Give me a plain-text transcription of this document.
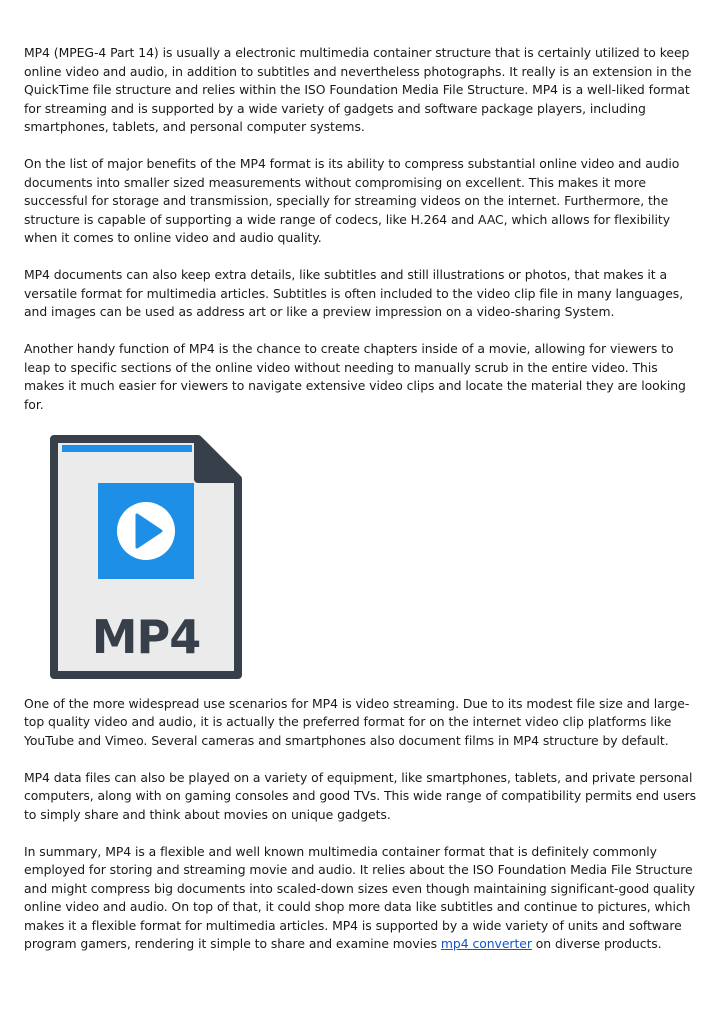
MP4 (MPEG-4 Part 14) is usually a electronic multimedia container structure that is certainly utilized to keep online video and audio, in addition to subtitles and nevertheless photographs. It really is an extension in the QuickTime file structure and relies within the ISO Foundation Media File Structure. MP4 is a well-liked format for streaming and is supported by a wide variety of gadgets and software package players, including smartphones, tablets, and personal computer systems.

On the list of major benefits of the MP4 format is its ability to compress substantial online video and audio documents into smaller sized measurements without compromising on excellent. This makes it more successful for storage and transmission, specially for streaming videos on the internet. Furthermore, the structure is capable of supporting a wide range of codecs, like H.264 and AAC, which allows for flexibility when it comes to online video and audio quality.

MP4 documents can also keep extra details, like subtitles and still illustrations or photos, that makes it a versatile format for multimedia articles. Subtitles is often included to the video clip file in many languages, and images can be used as address art or like a preview impression on a video-sharing System.

Another handy function of MP4 is the chance to create chapters inside of a movie, allowing for viewers to leap to specific sections of the online video without needing to manually scrub in the entire video. This makes it much easier for viewers to navigate extensive video clips and locate the material they are looking for.

MP4

One of the more widespread use scenarios for MP4 is video streaming. Due to its modest file size and large-top quality video and audio, it is actually the preferred format for on the internet video clip platforms like YouTube and Vimeo. Several cameras and smartphones also document films in MP4 structure by default.

MP4 data files can also be played on a variety of equipment, like smartphones, tablets, and private personal computers, along with on gaming consoles and good TVs. This wide range of compatibility permits end users to simply share and think about movies on unique gadgets.

In summary, MP4 is a flexible and well known multimedia container format that is definitely commonly employed for storing and streaming movie and audio. It relies about the ISO Foundation Media File Structure and might compress big documents into scaled-down sizes even though maintaining significant-good quality online video and audio. On top of that, it could shop more data like subtitles and continue to pictures, which makes it a flexible format for multimedia articles. MP4 is supported by a wide variety of units and software program gamers, rendering it simple to share and examine movies mp4 converter on diverse products.
